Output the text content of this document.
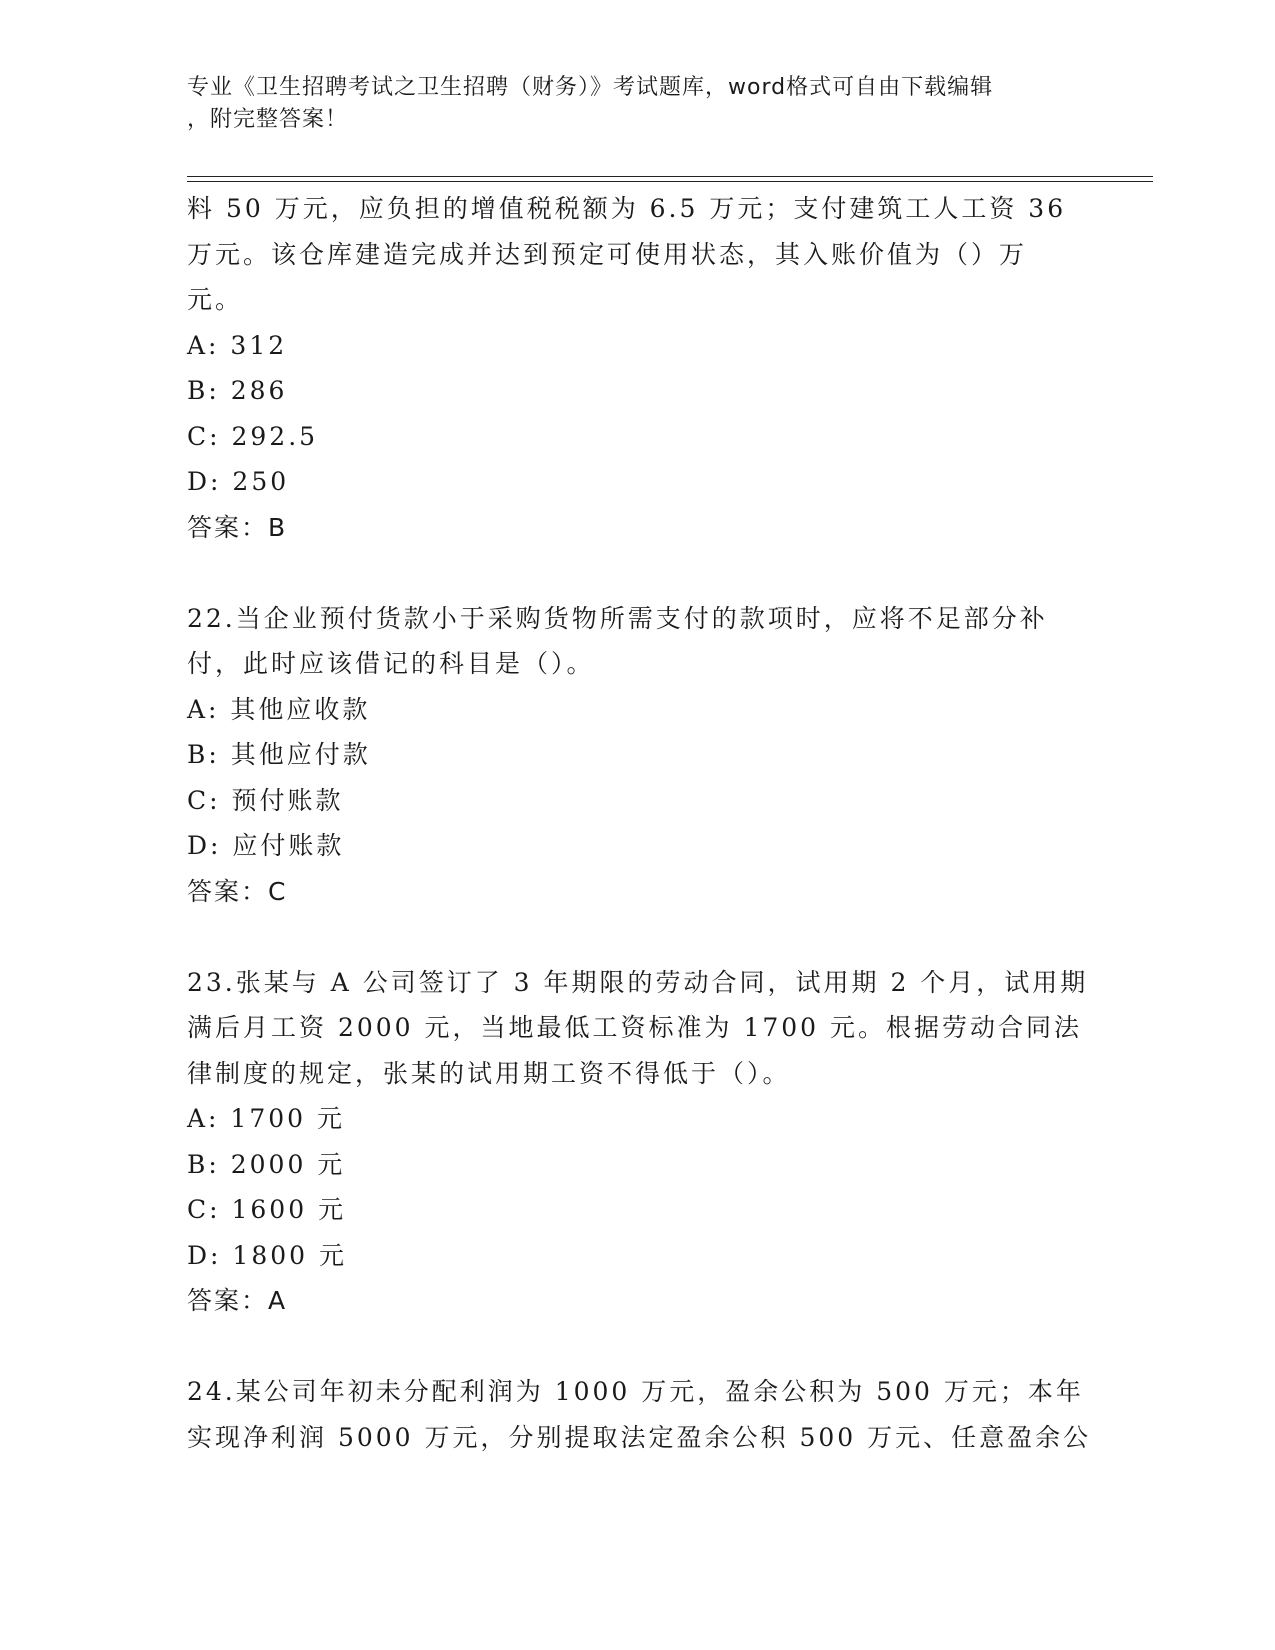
专业《卫生招聘考试之卫生招聘（财务）》考试题库，word格式可自由下载编辑
，附完整答案！
料 50 万元，应负担的增值税税额为 6.5 万元；支付建筑工人工资 36
万元。该仓库建造完成并达到预定可使用状态，其入账价值为（）万
元。
A: 312
B: 286
C: 292.5
D: 250
答案：B
22.当企业预付货款小于采购货物所需支付的款项时，应将不足部分补
付，此时应该借记的科目是（）。
A: 其他应收款
B: 其他应付款
C: 预付账款
D: 应付账款
答案：C
23.张某与 A 公司签订了 3 年期限的劳动合同，试用期 2 个月，试用期
满后月工资 2000 元，当地最低工资标准为 1700 元。根据劳动合同法
律制度的规定，张某的试用期工资不得低于（）。
A: 1700 元
B: 2000 元
C: 1600 元
D: 1800 元
答案：A
24.某公司年初未分配利润为 1000 万元，盈余公积为 500 万元；本年
实现净利润 5000 万元，分别提取法定盈余公积 500 万元、任意盈余公
